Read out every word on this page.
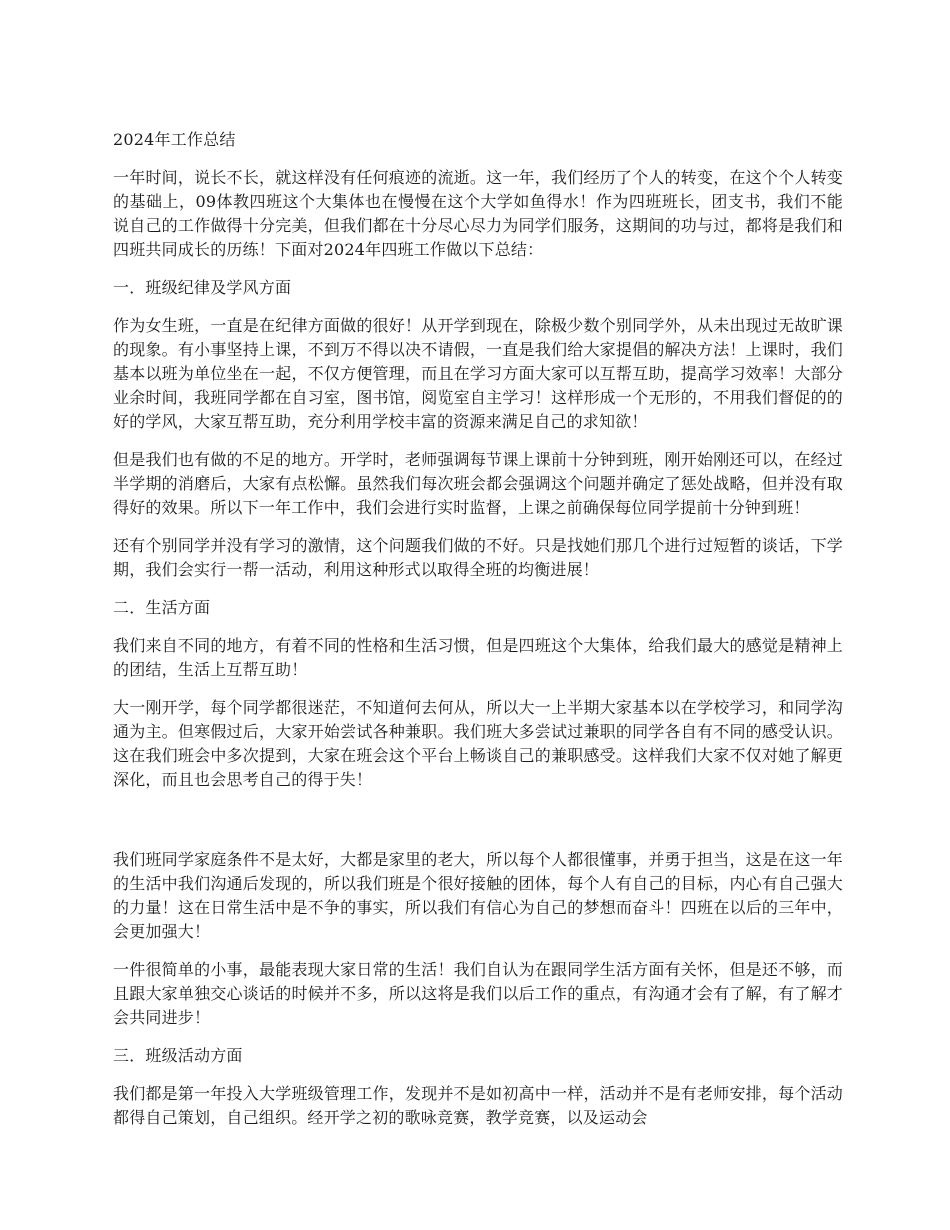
2024年工作总结

一年时间，说长不长，就这样没有任何痕迹的流逝。这一年，我们经历了个人的转变，在这个个人转变的基础上，09体教四班这个大集体也在慢慢在这个大学如鱼得水！作为四班班长，团支书，我们不能说自己的工作做得十分完美，但我们都在十分尽心尽力为同学们服务，这期间的功与过，都将是我们和四班共同成长的历练！下面对2024年四班工作做以下总结：

一．班级纪律及学风方面

作为女生班，一直是在纪律方面做的很好！从开学到现在，除极少数个别同学外，从未出现过无故旷课的现象。有小事坚持上课，不到万不得以决不请假，一直是我们给大家提倡的解决方法！上课时，我们基本以班为单位坐在一起，不仅方便管理，而且在学习方面大家可以互帮互助，提高学习效率！大部分业余时间，我班同学都在自习室，图书馆，阅览室自主学习！这样形成一个无形的，不用我们督促的的好的学风，大家互帮互助，充分利用学校丰富的资源来满足自己的求知欲！

但是我们也有做的不足的地方。开学时，老师强调每节课上课前十分钟到班，刚开始刚还可以，在经过半学期的消磨后，大家有点松懈。虽然我们每次班会都会强调这个问题并确定了惩处战略，但并没有取得好的效果。所以下一年工作中，我们会进行实时监督，上课之前确保每位同学提前十分钟到班！

还有个别同学并没有学习的激情，这个问题我们做的不好。只是找她们那几个进行过短暂的谈话，下学期，我们会实行一帮一活动，利用这种形式以取得全班的均衡进展！

二．生活方面

我们来自不同的地方，有着不同的性格和生活习惯，但是四班这个大集体，给我们最大的感觉是精神上的团结，生活上互帮互助！

大一刚开学，每个同学都很迷茫，不知道何去何从，所以大一上半期大家基本以在学校学习，和同学沟通为主。但寒假过后，大家开始尝试各种兼职。我们班大多尝试过兼职的同学各自有不同的感受认识。这在我们班会中多次提到，大家在班会这个平台上畅谈自己的兼职感受。这样我们大家不仅对她了解更深化，而且也会思考自己的得于失！

我们班同学家庭条件不是太好，大都是家里的老大，所以每个人都很懂事，并勇于担当，这是在这一年的生活中我们沟通后发现的，所以我们班是个很好接触的团体，每个人有自己的目标，内心有自己强大的力量！这在日常生活中是不争的事实，所以我们有信心为自己的梦想而奋斗！四班在以后的三年中，会更加强大！

一件很简单的小事，最能表现大家日常的生活！我们自认为在跟同学生活方面有关怀，但是还不够，而且跟大家单独交心谈话的时候并不多，所以这将是我们以后工作的重点，有沟通才会有了解，有了解才会共同进步！

三．班级活动方面

我们都是第一年投入大学班级管理工作，发现并不是如初高中一样，活动并不是有老师安排，每个活动都得自己策划，自己组织。经开学之初的歌咏竞赛，教学竞赛，以及运动会
